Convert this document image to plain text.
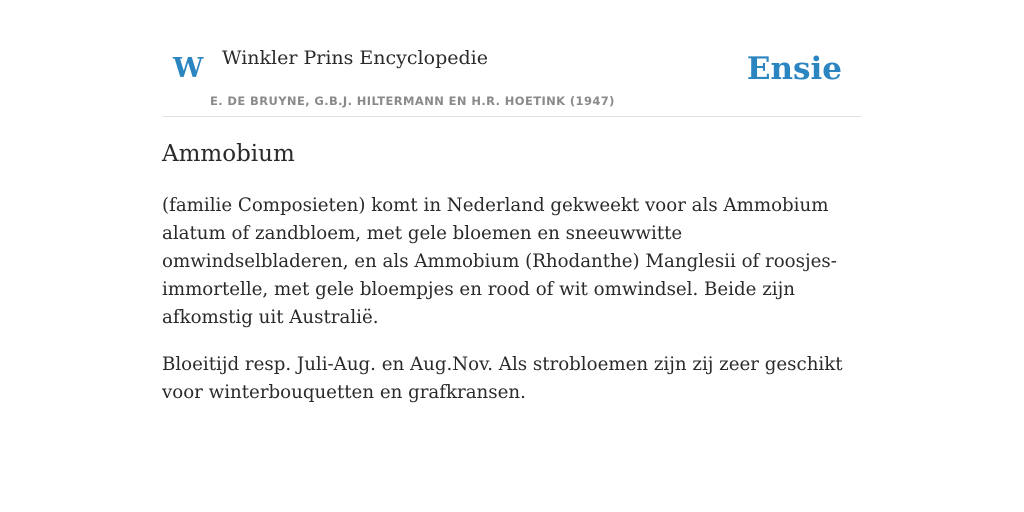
W Winkler Prins Encyclopedie
E. DE BRUYNE, G.B.J. HILTERMANN EN H.R. HOETINK (1947)
Ensie
Ammobium

(familie Composieten) komt in Nederland gekweekt voor als Ammobium alatum of zandbloem, met gele bloemen en sneeuwwitte omwindselbladeren, en als Ammobium (Rhodanthe) Manglesii of roosjes-immortelle, met gele bloempjes en rood of wit omwindsel. Beide zijn afkomstig uit Australië.

Bloeitijd resp. Juli-Aug. en Aug.Nov. Als strobloemen zijn zij zeer geschikt voor winterbouquetten en grafkransen.
